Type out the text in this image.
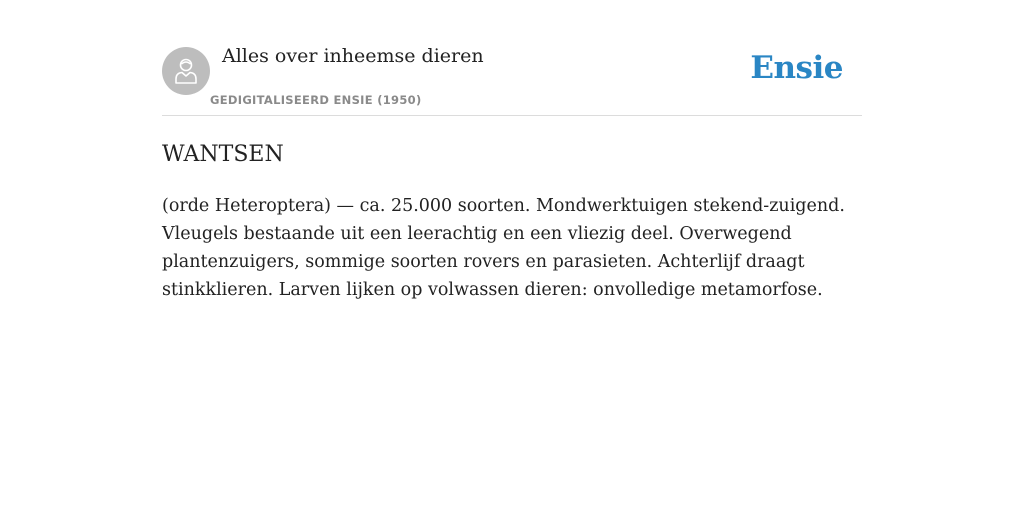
Alles over inheemse dieren
GEDIGITALISEERD ENSIE (1950)
Ensie
WANTSEN

(orde Heteroptera) — ca. 25.000 soorten. Mondwerktuigen stekend-zuigend. Vleugels bestaande uit een leerachtig en een vliezig deel. Overwegend plantenzuigers, sommige soorten rovers en parasieten. Achterlijf draagt stinkklieren. Larven lijken op volwassen dieren: onvolledige metamorfose.
